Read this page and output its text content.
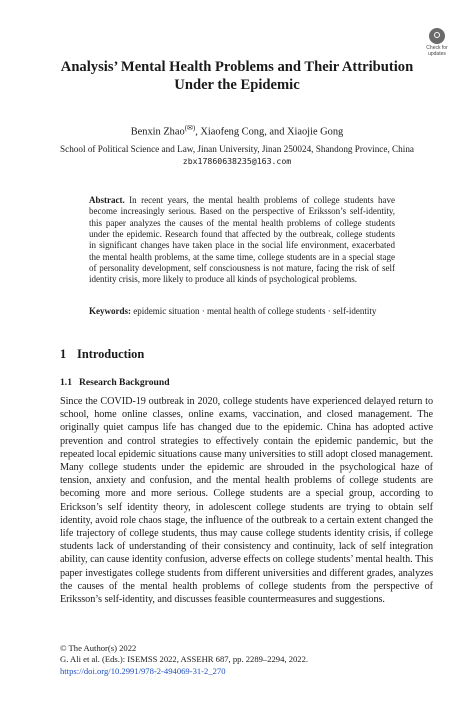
Check for
updates
Analysis’ Mental Health Problems and Their Attribution Under the Epidemic
Benxin Zhao(✉), Xiaofeng Cong, and Xiaojie Gong
School of Political Science and Law, Jinan University, Jinan 250024, Shandong Province, China
zbx17860638235@163.com

Abstract. In recent years, the mental health problems of college students have become increasingly serious. Based on the perspective of Eriksson’s self-identity, this paper analyzes the causes of the mental health problems of college students under the epidemic. Research found that affected by the outbreak, college students in significant changes have taken place in the social life environment, exacerbated the mental health problems, at the same time, college students are in a special stage of personality development, self consciousness is not mature, facing the risk of self identity crisis, more likely to produce all kinds of psychological problems.

Keywords: epidemic situation · mental health of college students · self-identity

1 Introduction
1.1 Research Background

Since the COVID-19 outbreak in 2020, college students have experienced delayed return to school, home online classes, online exams, vaccination, and closed management. The originally quiet campus life has changed due to the epidemic. China has adopted active prevention and control strategies to effectively contain the epidemic pandemic, but the repeated local epidemic situations cause many universities to still adopt closed management. Many college students under the epidemic are shrouded in the psychological haze of tension, anxiety and confusion, and the mental health problems of college students are becoming more and more serious. College students are a special group, according to Erickson’s self identity theory, in adolescent college students are trying to obtain self identity, avoid role chaos stage, the influence of the outbreak to a certain extent changed the life trajectory of college students, thus may cause college students identity crisis, if college students lack of understanding of their consistency and continuity, lack of self integration ability, can cause identity confusion, adverse effects on college students’ mental health. This paper investigates college students from different universities and different grades, analyzes the causes of the mental health problems of college students from the perspective of Eriksson’s self-identity, and discusses feasible countermeasures and suggestions.

© The Author(s) 2022
G. Ali et al. (Eds.): ISEMSS 2022, ASSEHR 687, pp. 2289–2294, 2022.
https://doi.org/10.2991/978-2-494069-31-2_270
